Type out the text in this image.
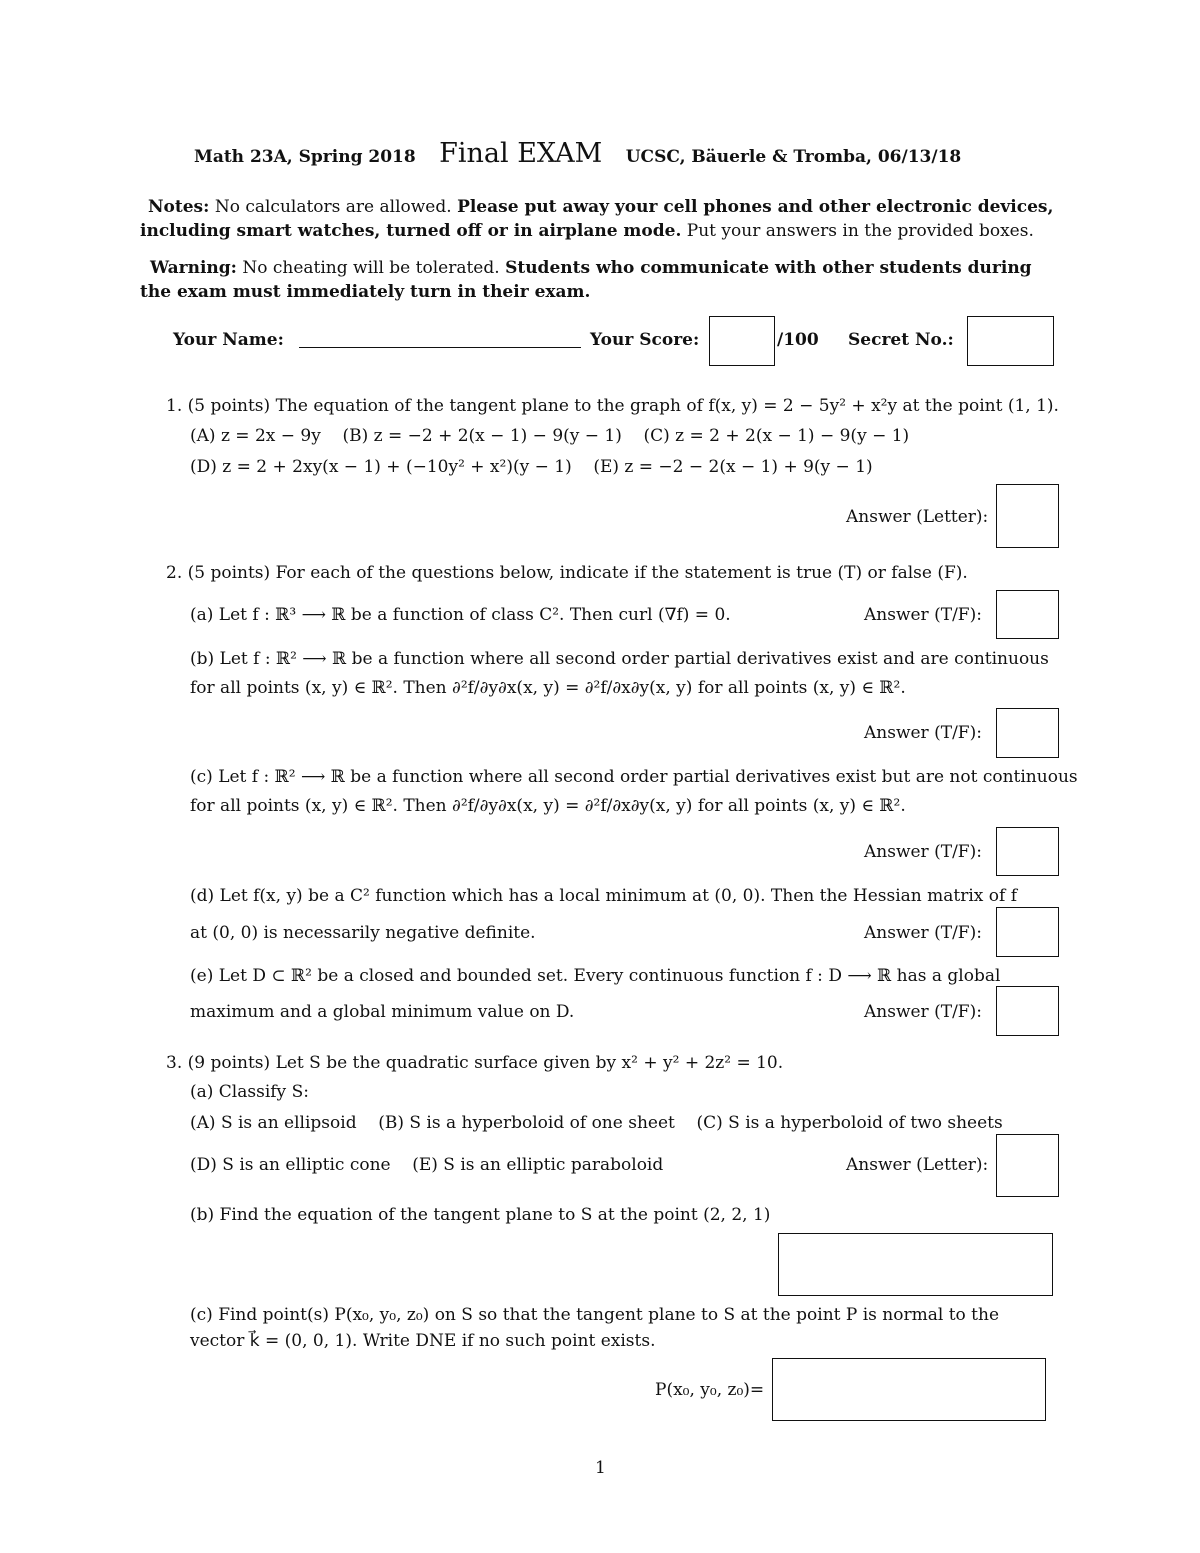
Math 23A, Spring 2018 Final EXAM UCSC, Bäuerle & Tromba, 06/13/18
Notes: No calculators are allowed. Please put away your cell phones and other electronic devices,
including smart watches, turned off or in airplane mode. Put your answers in the provided boxes.
Warning: No cheating will be tolerated. Students who communicate with other students during
the exam must immediately turn in their exam.
Your Name:	Your Score:	/100 Secret No.:
1. (5 points) The equation of the tangent plane to the graph of f(x, y) = 2 − 5y² + x²y at the point (1, 1).
(A) z = 2x − 9y    (B) z = −2 + 2(x − 1) − 9(y − 1)    (C) z = 2 + 2(x − 1) − 9(y − 1)
(D) z = 2 + 2xy(x − 1) + (−10y² + x²)(y − 1)    (E) z = −2 − 2(x − 1) + 9(y − 1)
Answer (Letter):
2. (5 points) For each of the questions below, indicate if the statement is true (T) or false (F).
(a) Let f : ℝ³ ⟶ ℝ be a function of class C². Then curl (∇f) = 0.	Answer (T/F):
(b) Let f : ℝ² ⟶ ℝ be a function where all second order partial derivatives exist and are continuous
for all points (x, y) ∈ ℝ². Then ∂²f/∂y∂x(x, y) = ∂²f/∂x∂y(x, y) for all points (x, y) ∈ ℝ².
Answer (T/F):
(c) Let f : ℝ² ⟶ ℝ be a function where all second order partial derivatives exist but are not continuous
for all points (x, y) ∈ ℝ². Then ∂²f/∂y∂x(x, y) = ∂²f/∂x∂y(x, y) for all points (x, y) ∈ ℝ².
Answer (T/F):
(d) Let f(x, y) be a C² function which has a local minimum at (0, 0). Then the Hessian matrix of f
at (0, 0) is necessarily negative definite.	Answer (T/F):
(e) Let D ⊂ ℝ² be a closed and bounded set. Every continuous function f : D ⟶ ℝ has a global
maximum and a global minimum value on D.	Answer (T/F):
3. (9 points) Let S be the quadratic surface given by x² + y² + 2z² = 10.
(a) Classify S:
(A) S is an ellipsoid    (B) S is a hyperboloid of one sheet    (C) S is a hyperboloid of two sheets
(D) S is an elliptic cone    (E) S is an elliptic paraboloid	Answer (Letter):
(b) Find the equation of the tangent plane to S at the point (2, 2, 1)
(c) Find point(s) P(x₀, y₀, z₀) on S so that the tangent plane to S at the point P is normal to the
vector k⃗ = (0, 0, 1). Write DNE if no such point exists.
P(x₀, y₀, z₀)=
1
